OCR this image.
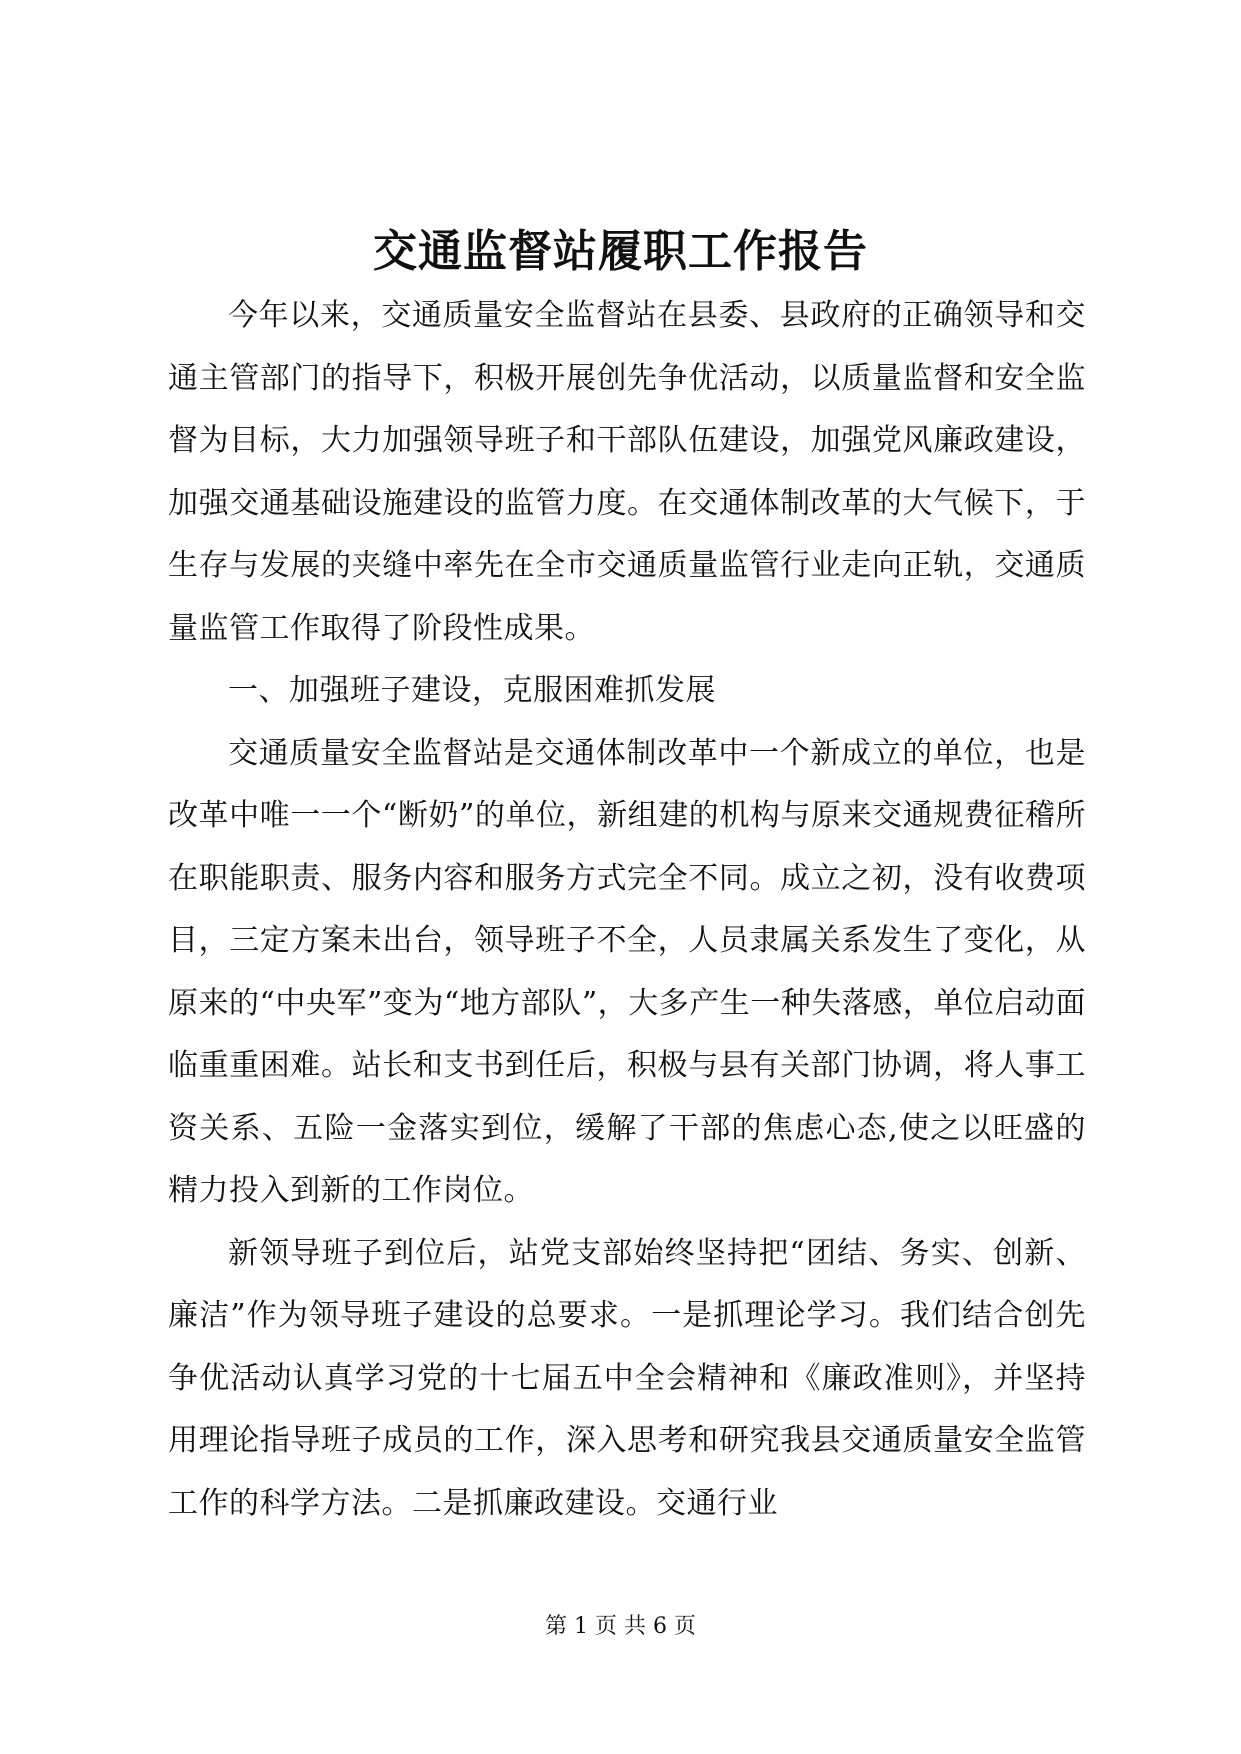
交通监督站履职工作报告

今年以来，交通质量安全监督站在县委、县政府的正确领导和交通主管部门的指导下，积极开展创先争优活动，以质量监督和安全监督为目标，大力加强领导班子和干部队伍建设，加强党风廉政建设，加强交通基础设施建设的监管力度。在交通体制改革的大气候下，于生存与发展的夹缝中率先在全市交通质量监管行业走向正轨，交通质量监管工作取得了阶段性成果。

一、加强班子建设，克服困难抓发展

交通质量安全监督站是交通体制改革中一个新成立的单位，也是改革中唯一一个“断奶”的单位，新组建的机构与原来交通规费征稽所在职能职责、服务内容和服务方式完全不同。成立之初，没有收费项目，三定方案未出台，领导班子不全，人员隶属关系发生了变化，从原来的“中央军”变为“地方部队”，大多产生一种失落感，单位启动面临重重困难。站长和支书到任后，积极与县有关部门协调，将人事工资关系、五险一金落实到位，缓解了干部的焦虑心态,使之以旺盛的精力投入到新的工作岗位。

新领导班子到位后，站党支部始终坚持把“团结、务实、创新、廉洁”作为领导班子建设的总要求。一是抓理论学习。我们结合创先争优活动认真学习党的十七届五中全会精神和《廉政准则》，并坚持用理论指导班子成员的工作，深入思考和研究我县交通质量安全监管工作的科学方法。二是抓廉政建设。交通行业

第 1 页 共 6 页
